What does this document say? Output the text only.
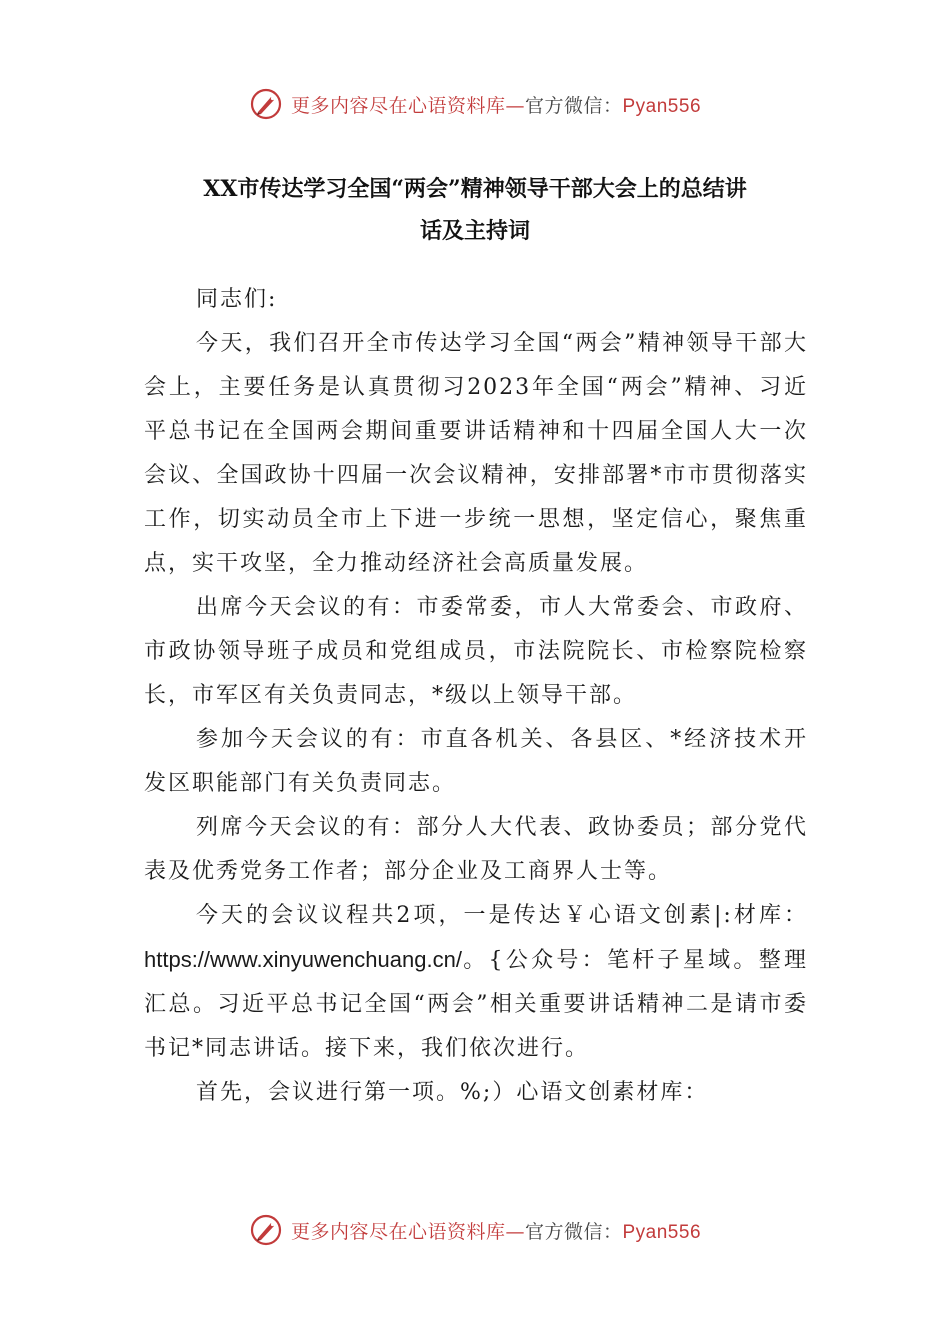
更多内容尽在心语资料库—官方微信：Pyan556
XX市传达学习全国“两会”精神领导干部大会上的总结讲
话及主持词

同志们:

今天，我们召开全市传达学习全国“两会”精神领导干部大会上，主要任务是认真贯彻习2023年全国“两会”精神、习近平总书记在全国两会期间重要讲话精神和十四届全国人大一次会议、全国政协十四届一次会议精神，安排部署*市市贯彻落实工作，切实动员全市上下进一步统一思想，坚定信心，聚焦重点，实干攻坚，全力推动经济社会高质量发展。

出席今天会议的有：市委常委，市人大常委会、市政府、市政协领导班子成员和党组成员，市法院院长、市检察院检察长，市军区有关负责同志，*级以上领导干部。

参加今天会议的有：市直各机关、各县区、*经济技术开发区职能部门有关负责同志。

列席今天会议的有：部分人大代表、政协委员；部分党代表及优秀党务工作者；部分企业及工商界人士等。

今天的会议议程共2项，一是传达￥心语文创素|:材库：https://www.xinyuwenchuang.cn/。{公众号：笔杆子星域。整理汇总。习近平总书记全国“两会”相关重要讲话精神二是请市委书记*同志讲话。接下来，我们依次进行。

首先，会议进行第一项。%;）心语文创素材库：

更多内容尽在心语资料库—官方微信：Pyan556
